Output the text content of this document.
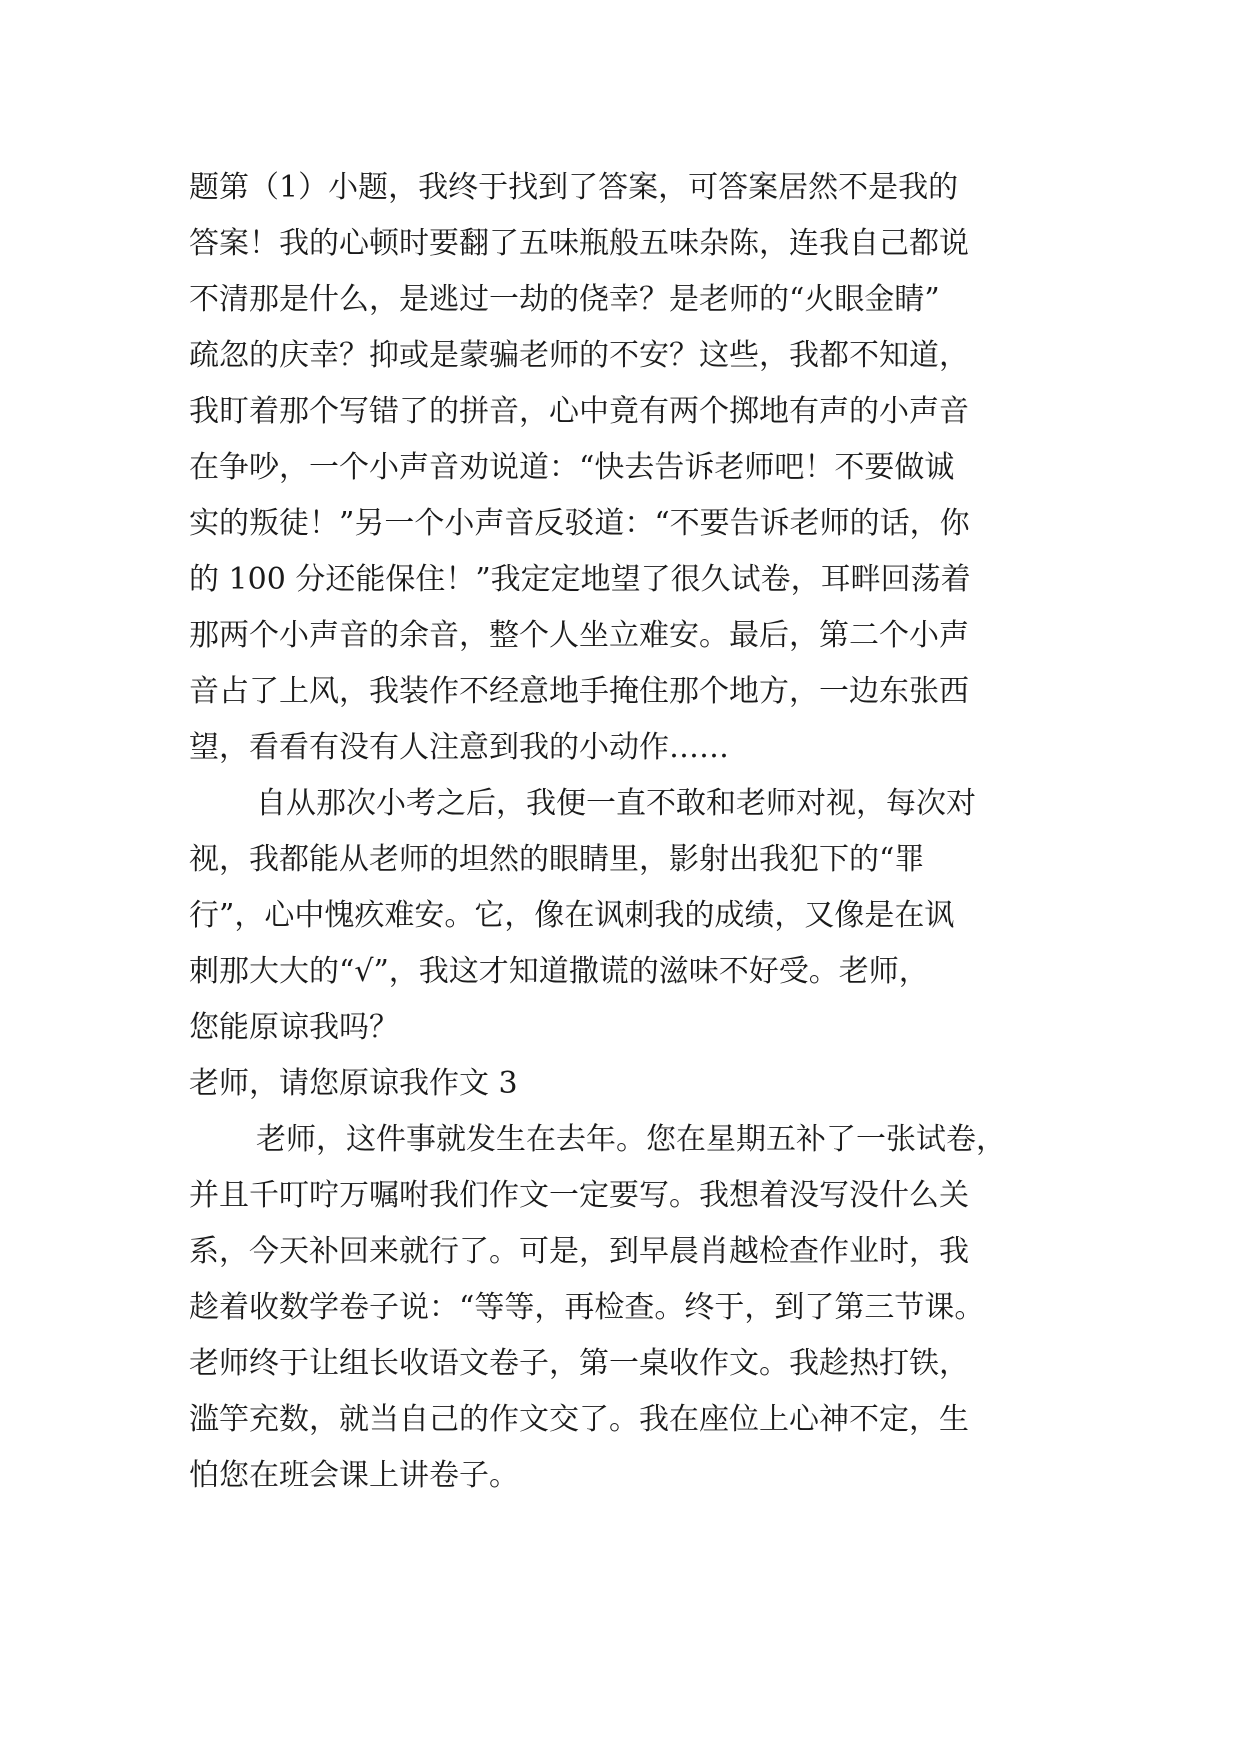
题第（1）小题，我终于找到了答案，可答案居然不是我的

答案！我的心顿时要翻了五味瓶般五味杂陈，连我自己都说

不清那是什么，是逃过一劫的侥幸？是老师的“火眼金睛”

疏忽的庆幸？抑或是蒙骗老师的不安？这些，我都不知道，

我盯着那个写错了的拼音，心中竟有两个掷地有声的小声音

在争吵，一个小声音劝说道：“快去告诉老师吧！不要做诚

实的叛徒！”另一个小声音反驳道：“不要告诉老师的话，你

的 100 分还能保住！”我定定地望了很久试卷，耳畔回荡着

那两个小声音的余音，整个人坐立难安。最后，第二个小声

音占了上风，我装作不经意地手掩住那个地方，一边东张西

望，看看有没有人注意到我的小动作……

自从那次小考之后，我便一直不敢和老师对视，每次对

视，我都能从老师的坦然的眼睛里，影射出我犯下的“罪

行”，心中愧疚难安。它，像在讽刺我的成绩，又像是在讽

刺那大大的“√”，我这才知道撒谎的滋味不好受。老师，

您能原谅我吗？

老师，请您原谅我作文 3

老师，这件事就发生在去年。您在星期五补了一张试卷，

并且千叮咛万嘱咐我们作文一定要写。我想着没写没什么关

系，今天补回来就行了。可是，到早晨肖越检查作业时，我

趁着收数学卷子说：“等等，再检查。终于，到了第三节课。

老师终于让组长收语文卷子，第一桌收作文。我趁热打铁，

滥竽充数，就当自己的作文交了。我在座位上心神不定，生

怕您在班会课上讲卷子。
